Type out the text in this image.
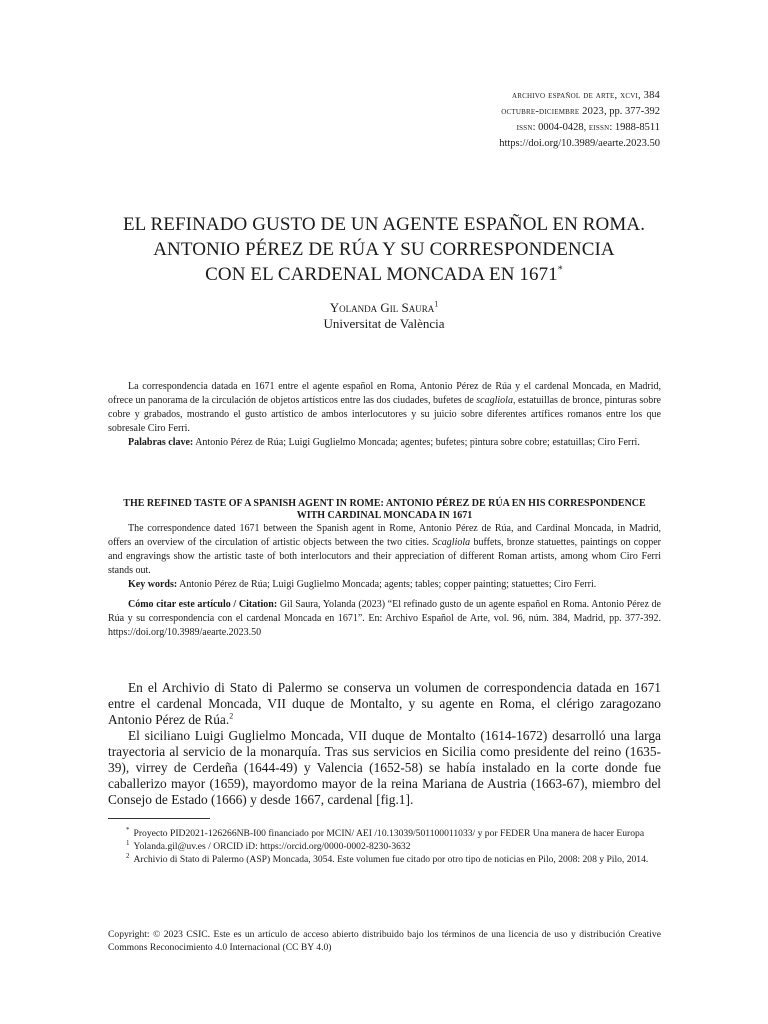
archivo español de arte, xcvi, 384
octubre-diciembre 2023, pp. 377-392
issn: 0004-0428, eissn: 1988-8511
https://doi.org/10.3989/aearte.2023.50
EL REFINADO GUSTO DE UN AGENTE ESPAÑOL EN ROMA.
ANTONIO PÉREZ DE RÚA Y SU CORRESPONDENCIA
CON EL CARDENAL MONCADA EN 1671*
Yolanda Gil Saura$^1$
Universitat de València

La correspondencia datada en 1671 entre el agente español en Roma, Antonio Pérez de Rúa y el cardenal Moncada, en Madrid, ofrece un panorama de la circulación de objetos artísticos entre las dos ciudades, bufetes de scagliola, estatuillas de bronce, pinturas sobre cobre y grabados, mostrando el gusto artístico de ambos interlocutores y su juicio sobre diferentes artífices romanos entre los que sobresale Ciro Ferri.

Palabras clave: Antonio Pérez de Rúa; Luigi Guglielmo Moncada; agentes; bufetes; pintura sobre cobre; estatuillas; Ciro Ferri.

THE REFINED TASTE OF A SPANISH AGENT IN ROME: ANTONIO PÉREZ DE RÚA EN HIS CORRESPONDENCE WITH CARDINAL MONCADA IN 1671

The correspondence dated 1671 between the Spanish agent in Rome, Antonio Pérez de Rúa, and Cardinal Moncada, in Madrid, offers an overview of the circulation of artistic objects between the two cities. Scagliola buffets, bronze statuettes, paintings on copper and engravings show the artistic taste of both interlocutors and their appreciation of different Roman artists, among whom Ciro Ferri stands out.

Key words: Antonio Pérez de Rúa; Luigi Guglielmo Moncada; agents; tables; copper painting; statuettes; Ciro Ferri.

Cómo citar este artículo / Citation: Gil Saura, Yolanda (2023) “El refinado gusto de un agente español en Roma. Antonio Pérez de Rúa y su correspondencia con el cardenal Moncada en 1671”. En: Archivo Español de Arte, vol. 96, núm. 384, Madrid, pp. 377-392. https://doi.org/10.3989/aearte.2023.50

En el Archivio di Stato di Palermo se conserva un volumen de correspondencia datada en 1671 entre el cardenal Moncada, VII duque de Montalto, y su agente en Roma, el clérigo zaragozano Antonio Pérez de Rúa.$^2$

El siciliano Luigi Guglielmo Moncada, VII duque de Montalto (1614-1672) desarrolló una larga trayectoria al servicio de la monarquía. Tras sus servicios en Sicilia como presidente del reino (1635-39), virrey de Cerdeña (1644-49) y Valencia (1652-58) se había instalado en la corte donde fue caballerizo mayor (1659), mayordomo mayor de la reina Mariana de Austria (1663-67), miembro del Consejo de Estado (1666) y desde 1667, cardenal [fig.1].

* Proyecto PID2021-126266NB-I00 financiado por MCIN/ AEI /10.13039/501100011033/ y por FEDER Una manera de hacer Europa

$^1$ Yolanda.gil@uv.es / ORCID iD: https://orcid.org/0000-0002-8230-3632

$^2$ Archivio di Stato di Palermo (ASP) Moncada, 3054. Este volumen fue citado por otro tipo de noticias en Pilo, 2008: 208 y Pilo, 2014.

Copyright: © 2023 CSIC. Este es un artículo de acceso abierto distribuido bajo los términos de una licencia de uso y distribución Creative Commons Reconocimiento 4.0 Internacional (CC BY 4.0)
